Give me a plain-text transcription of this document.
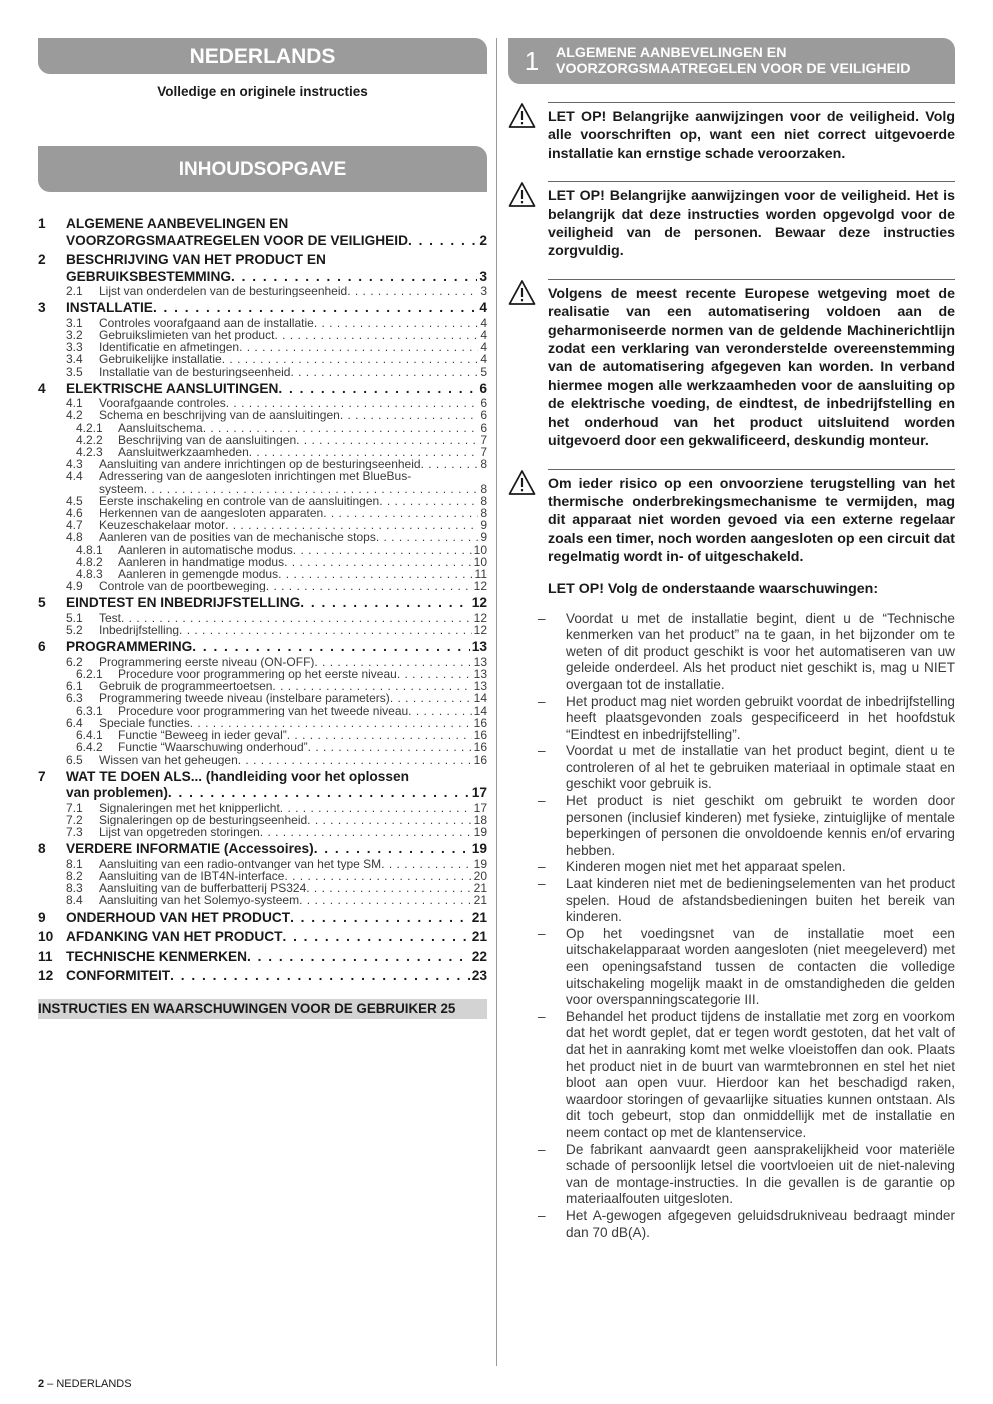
NEDERLANDS
Volledige en originele instructies
INHOUDSOPGAVE
1	ALGEMENE AANBEVELINGEN EN
VOORZORGSMAATREGELEN VOOR DE VEILIGHEID . . .	2
2	BESCHRIJVING VAN HET PRODUCT EN
GEBRUIKSBESTEMMING . . .	3
2.1	Lijst van onderdelen van de besturingseenheid . . .	3
3	INSTALLATIE . . .	4
3.1	Controles voorafgaand aan de installatie . . .	4
3.2	Gebruikslimieten van het product . . .	4
3.3	Identificatie en afmetingen . . .	4
3.4	Gebruikelijke installatie . . .	4
3.5	Installatie van de besturingseenheid . . .	5
4	ELEKTRISCHE AANSLUITINGEN . . .	6
4.1	Voorafgaande controles . . .	6
4.2	Schema en beschrijving van de aansluitingen . . .	6
4.2.1	Aansluitschema . . .	6
4.2.2	Beschrijving van de aansluitingen . . .	7
4.2.3	Aansluitwerkzaamheden . . .	7
4.3	Aansluiting van andere inrichtingen op de besturingseenheid . . .	8
4.4	Adressering van de aangesloten inrichtingen met BlueBus-
systeem . . .	8
4.5	Eerste inschakeling en controle van de aansluitingen . . .	8
4.6	Herkennen van de aangesloten apparaten . . .	8
4.7	Keuzeschakelaar motor . . .	9
4.8	Aanleren van de posities van de mechanische stops . . .	9
4.8.1	Aanleren in automatische modus . . .	10
4.8.2	Aanleren in handmatige modus . . .	10
4.8.3	Aanleren in gemengde modus . . .	11
4.9	Controle van de poortbeweging . . .	12
5	EINDTEST EN INBEDRIJFSTELLING . . .	12
5.1	Test . . .	12
5.2	Inbedrijfstelling . . .	12
6	PROGRAMMERING . . .	13
6.2	Programmering eerste niveau (ON-OFF) . . .	13
6.2.1	Procedure voor programmering op het eerste niveau . . .	13
6.1	Gebruik de programmeertoetsen . . .	13
6.3	Programmering tweede niveau (instelbare parameters) . . .	14
6.3.1	Procedure voor programmering van het tweede niveau . . .	14
6.4	Speciale functies . . .	16
6.4.1	Functie “Beweeg in ieder geval” . . .	16
6.4.2	Functie “Waarschuwing onderhoud” . . .	16
6.5	Wissen van het geheugen . . .	16
7	WAT TE DOEN ALS... (handleiding voor het oplossen
van problemen) . . .	17
7.1	Signaleringen met het knipperlicht . . .	17
7.2	Signaleringen op de besturingseenheid . . .	18
7.3	Lijst van opgetreden storingen . . .	19
8	VERDERE INFORMATIE (Accessoires) . . .	19
8.1	Aansluiting van een radio-ontvanger van het type SM . . .	19
8.2	Aansluiting van de IBT4N-interface . . .	20
8.3	Aansluiting van de bufferbatterij PS324 . . .	21
8.4	Aansluiting van het Solemyo-systeem . . .	21
9	ONDERHOUD VAN HET PRODUCT . . .	21
10 AFDANKING VAN HET PRODUCT . . .	21
11 TECHNISCHE KENMERKEN . . .	22
12 CONFORMITEIT . . .	23
INSTRUCTIES EN WAARSCHUWINGEN VOOR DE GEBRUIKER 25
1	ALGEMENE AANBEVELINGEN EN
VOORZORGSMAATREGELEN VOOR DE VEILIGHEID
LET OP! Belangrijke aanwijzingen voor de veiligheid. Volg alle voorschriften op, want een niet correct uitgevoerde installatie kan ernstige schade veroorzaken.
LET OP! Belangrijke aanwijzingen voor de veiligheid. Het is belangrijk dat deze instructies worden opgevolgd voor de veiligheid van de personen. Bewaar deze instructies zorgvuldig.
Volgens de meest recente Europese wetgeving moet de realisatie van een automatisering voldoen aan de geharmoniseerde normen van de geldende Machinerichtlijn zodat een verklaring van veronderstelde overeenstemming van de automatisering afgegeven kan worden. In verband hiermee mogen alle werkzaamheden voor de aansluiting op de elektrische voeding, de eindtest, de inbedrijfstelling en het onderhoud van het product uitsluitend worden uitgevoerd door een gekwalificeerd, deskundig monteur.
Om ieder risico op een onvoorziene terugstelling van het thermische onderbrekingsmechanisme te vermijden, mag dit apparaat niet worden gevoed via een externe regelaar zoals een timer, noch worden aangesloten op een circuit dat regelmatig wordt in- of uitgeschakeld.
LET OP! Volg de onderstaande waarschuwingen:
– Voordat u met de installatie begint, dient u de “Technische kenmerken van het product” na te gaan, in het bijzonder om te weten of dit product geschikt is voor het automatiseren van uw geleide onderdeel. Als het product niet geschikt is, mag u NIET overgaan tot de installatie.
– Het product mag niet worden gebruikt voordat de inbedrijfstelling heeft plaatsgevonden zoals gespecificeerd in het hoofdstuk “Eindtest en inbedrijfstelling”.
– Voordat u met de installatie van het product begint, dient u te controleren of al het te gebruiken materiaal in optimale staat en geschikt voor gebruik is.
– Het product is niet geschikt om gebruikt te worden door personen (inclusief kinderen) met fysieke, zintuiglijke of mentale beperkingen of personen die onvoldoende kennis en/of ervaring hebben.
– Kinderen mogen niet met het apparaat spelen.
– Laat kinderen niet met de bedieningselementen van het product spelen. Houd de afstandsbedieningen buiten het bereik van kinderen.
– Op het voedingsnet van de installatie moet een uitschakelapparaat worden aangesloten (niet meegeleverd) met een openingsafstand tussen de contacten die volledige uitschakeling mogelijk maakt in de omstandigheden die gelden voor overspanningscategorie III.
– Behandel het product tijdens de installatie met zorg en voorkom dat het wordt geplet, dat er tegen wordt gestoten, dat het valt of dat het in aanraking komt met welke vloeistoffen dan ook. Plaats het product niet in de buurt van warmtebronnen en stel het niet bloot aan open vuur. Hierdoor kan het beschadigd raken, waardoor storingen of gevaarlijke situaties kunnen ontstaan. Als dit toch gebeurt, stop dan onmiddellijk met de installatie en neem contact op met de klantenservice.
– De fabrikant aanvaardt geen aansprakelijkheid voor materiële schade of persoonlijk letsel die voortvloeien uit de niet-naleving van de montage-instructies. In die gevallen is de garantie op materiaalfouten uitgesloten.
– Het A-gewogen afgegeven geluidsdrukniveau bedraagt minder dan 70 dB(A).
2 – NEDERLANDS
